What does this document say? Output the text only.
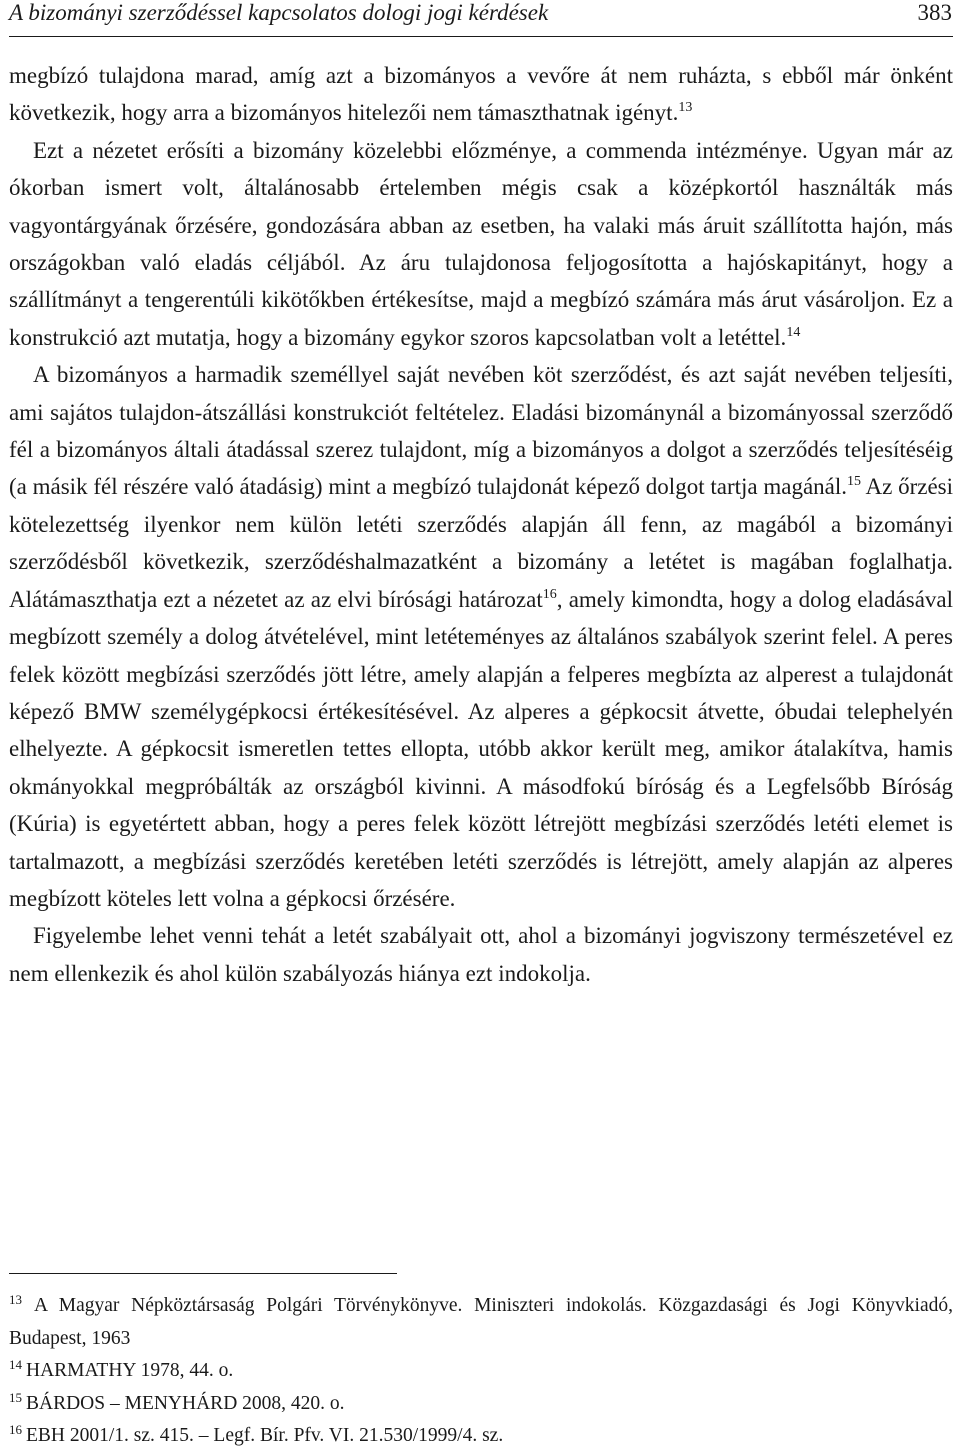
A bizományi szerződéssel kapcsolatos dologi jogi kérdések	383

megbízó tulajdona marad, amíg azt a bizományos a vevőre át nem ruházta, s ebből már önként következik, hogy arra a bizományos hitelezői nem támaszthatnak igényt.$^{13}$

Ezt a nézetet erősíti a bizomány közelebbi előzménye, a commenda intézménye. Ugyan már az ókorban ismert volt, általánosabb értelemben mégis csak a középkortól használták más vagyontárgyának őrzésére, gondozására abban az esetben, ha valaki más áruit szállította hajón, más országokban való eladás céljából. Az áru tulajdonosa feljogosította a hajóskapitányt, hogy a szállítmányt a tengerentúli kikötőkben értékesítse, majd a megbízó számára más árut vásároljon. Ez a konstrukció azt mutatja, hogy a bizomány egykor szoros kapcsolatban volt a letéttel.$^{14}$

A bizományos a harmadik személlyel saját nevében köt szerződést, és azt saját nevében teljesíti, ami sajátos tulajdon-átszállási konstrukciót feltételez. Eladási bizománynál a bizományossal szerződő fél a bizományos általi átadással szerez tulajdont, míg a bizományos a dolgot a szerződés teljesítéséig (a másik fél részére való átadásig) mint a megbízó tulajdonát képező dolgot tartja magánál.$^{15}$ Az őrzési kötelezettség ilyenkor nem külön letéti szerződés alapján áll fenn, az magából a bizományi szerződésből következik, szerződéshalmazatként a bizomány a letétet is magában foglalhatja. Alátámaszthatja ezt a nézetet az az elvi bírósági határozat$^{16}$, amely kimondta, hogy a dolog eladásával megbízott személy a dolog átvételével, mint letéteményes az általános szabályok szerint felel. A peres felek között megbízási szerződés jött létre, amely alapján a felperes megbízta az alperest a tulajdonát képező BMW személygépkocsi értékesítésével. Az alperes a gépkocsit átvette, óbudai telephelyén elhelyezte. A gépkocsit ismeretlen tettes ellopta, utóbb akkor került meg, amikor átalakítva, hamis okmányokkal megpróbálták az országból kivinni. A másodfokú bíróság és a Legfelsőbb Bíróság (Kúria) is egyetértett abban, hogy a peres felek között létrejött megbízási szerződés letéti elemet is tartalmazott, a megbízási szerződés keretében letéti szerződés is létrejött, amely alapján az alperes megbízott köteles lett volna a gépkocsi őrzésére.

Figyelembe lehet venni tehát a letét szabályait ott, ahol a bizományi jogviszony természetével ez nem ellenkezik és ahol külön szabályozás hiánya ezt indokolja.

$^{13}$ A Magyar Népköztársaság Polgári Törvénykönyve. Miniszteri indokolás. Közgazdasági és Jogi Könyvkiadó, Budapest, 1963

$^{14}$ HARMATHY 1978, 44. o.

$^{15}$ BÁRDOS – MENYHÁRD 2008, 420. o.

$^{16}$ EBH 2001/1. sz. 415. – Legf. Bír. Pfv. VI. 21.530/1999/4. sz.
